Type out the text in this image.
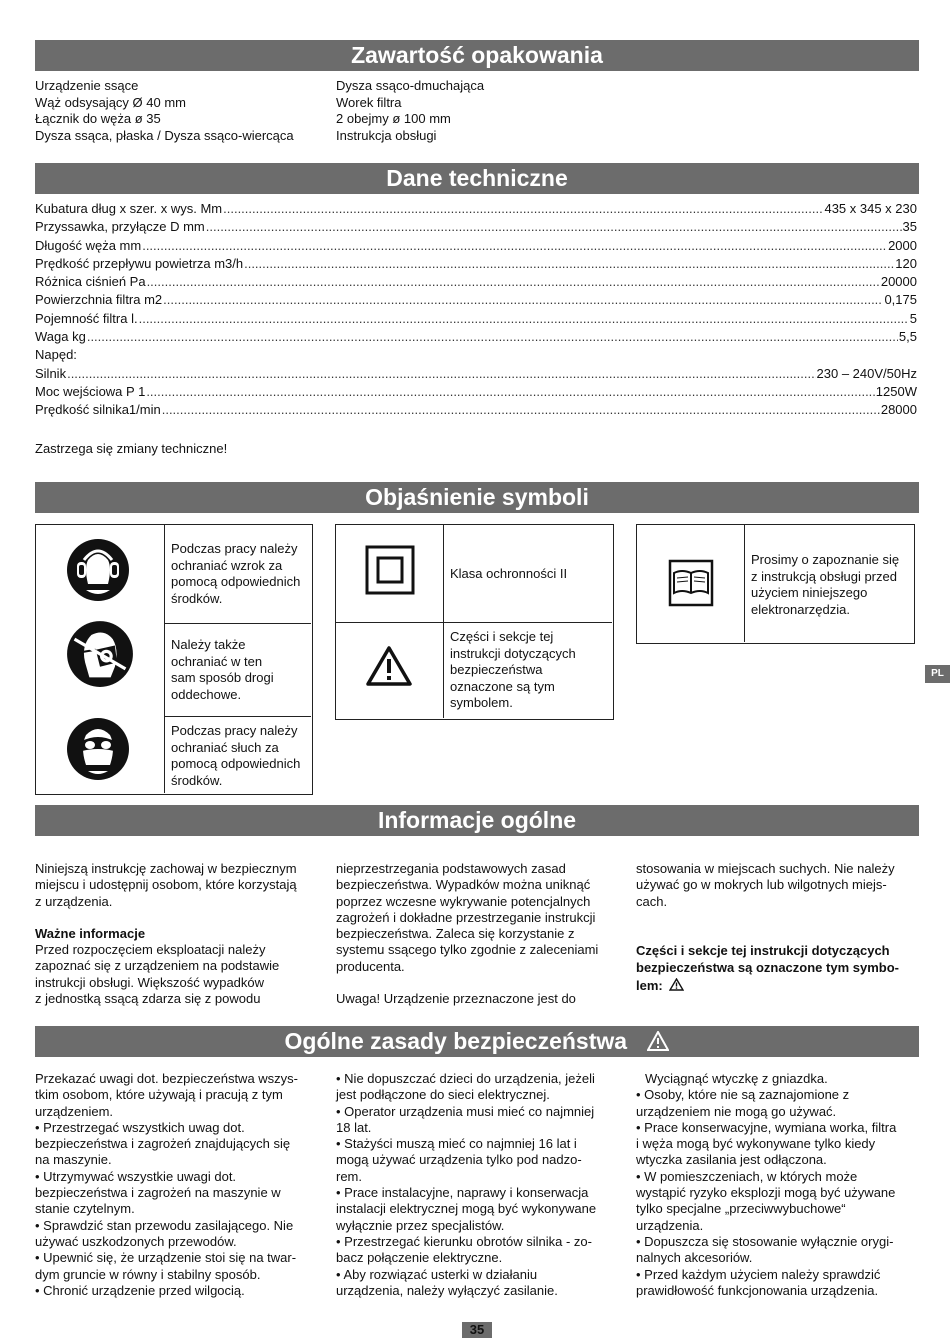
Zawartość opakowania
Dane techniczne
Objaśnienie symboli
Informacje ogólne
Ogólne zasady bezpieczeństwa
Urządzenie ssące
Wąż odsysający Ø 40 mm
Łącznik do węża ø 35
Dysza ssąca, płaska / Dysza ssąco-wiercąca
Dysza ssąco-dmuchająca
Worek filtra
2 obejmy ø 100 mm
Instrukcja obsługi
Kubatura dług x szer. x wys. Mm .....	435 x 345 x 230
Przyssawka, przyłącze D mm .....	35
Długość węża mm .....	2000
Prędkość przepływu powietrza m3/h .....	120
Różnica ciśnień Pa .....	20000
Powierzchnia filtra m2 .....	0,175
Pojemność filtra l. .....	5
Waga kg .....	5,5
Napęd:
Silnik .....	230 – 240V/50Hz
Moc wejściowa P 1 .....	1250W
Prędkość silnika1/min .....	28000
Zastrzega się zmiany techniczne!
Podczas pracy należy
ochraniać wzrok za
pomocą odpowiednich
środków.
Należy także
ochraniać w ten
sam sposób drogi
oddechowe.
Podczas pracy należy
ochraniać słuch za
pomocą odpowiednich
środków.
Klasa ochronności II
Części i sekcje tej
instrukcji dotyczących
bezpieczeństwa
oznaczone są tym
symbolem.
Prosimy o zapoznanie się
z instrukcją obsługi przed
użyciem niniejszego
elektronarzędzia.
PL
Niniejszą instrukcję zachowaj w bezpiecznym
miejscu i udostępnij osobom, które korzystają
z urządzenia.
Ważne informacje
Przed rozpoczęciem eksploatacji należy
zapoznać się z urządzeniem na podstawie
instrukcji obsługi. Większość wypadków
z jednostką ssącą zdarza się z powodu
nieprzestrzegania podstawowych zasad
bezpieczeństwa. Wypadków można uniknąć
poprzez wczesne wykrywanie potencjalnych
zagrożeń i dokładne przestrzeganie instrukcji
bezpieczeństwa. Zaleca się korzystanie z
systemu ssącego tylko zgodnie z zaleceniami
producenta.
Uwaga! Urządzenie przeznaczone jest do
stosowania w miejscach suchych. Nie należy
używać go w mokrych lub wilgotnych miejs-
cach.
Części i sekcje tej instrukcji dotyczących
bezpieczeństwa są oznaczone tym symbo-
lem:
Przekazać uwagi dot. bezpieczeństwa wszys-
tkim osobom, które używają i pracują z tym
urządzeniem.
• Przestrzegać wszystkich uwag dot.
bezpieczeństwa i zagrożeń znajdujących się
na maszynie.
• Utrzymywać wszystkie uwagi dot.
bezpieczeństwa i zagrożeń na maszynie w
stanie czytelnym.
• Sprawdzić stan przewodu zasilającego. Nie
używać uszkodzonych przewodów.
• Upewnić się, że urządzenie stoi się na twar-
dym gruncie w równy i stabilny sposób.
• Chronić urządzenie przed wilgocią.
• Nie dopuszczać dzieci do urządzenia, jeżeli
jest podłączone do sieci elektrycznej.
• Operator urządzenia musi mieć co najmniej
18 lat.
• Stażyści muszą mieć co najmniej 16 lat i
mogą używać urządzenia tylko pod nadzo-
rem.
• Prace instalacyjne, naprawy i konserwacja
instalacji elektrycznej mogą być wykonywane
wyłącznie przez specjalistów.
• Przestrzegać kierunku obrotów silnika - zo-
bacz połączenie elektryczne.
• Aby rozwiązać usterki w działaniu
urządzenia, należy wyłączyć zasilanie.
Wyciągnąć wtyczkę z gniazdka.
• Osoby, które nie są zaznajomione z
urządzeniem nie mogą go używać.
• Prace konserwacyjne, wymiana worka, filtra
i węża mogą być wykonywane tylko kiedy
wtyczka zasilania jest odłączona.
• W pomieszczeniach, w których może
wystąpić ryzyko eksplozji mogą być używane
tylko specjalne „przeciwwybuchowe“
urządzenia.
• Dopuszcza się stosowanie wyłącznie orygi-
nalnych akcesoriów.
• Przed każdym użyciem należy sprawdzić
prawidłowość funkcjonowania urządzenia.
35
